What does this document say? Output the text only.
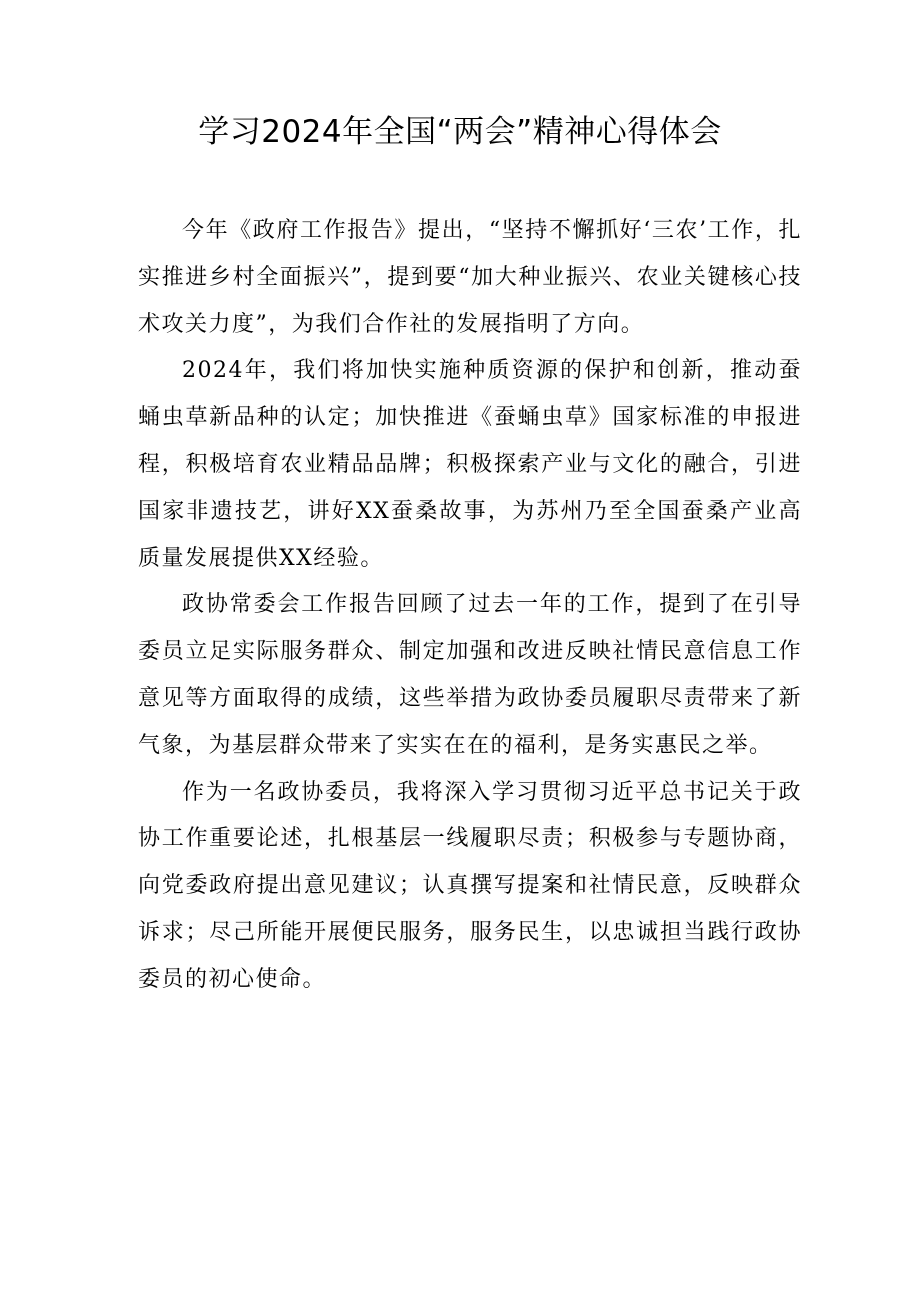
学习2024年全国“两会”精神心得体会

今年《政府工作报告》提出，“坚持不懈抓好‘三农’工作，扎实推进乡村全面振兴”，提到要“加大种业振兴、农业关键核心技术攻关力度”，为我们合作社的发展指明了方向。

2024年，我们将加快实施种质资源的保护和创新，推动蚕蛹虫草新品种的认定；加快推进《蚕蛹虫草》国家标准的申报进程，积极培育农业精品品牌；积极探索产业与文化的融合，引进国家非遗技艺，讲好XX蚕桑故事，为苏州乃至全国蚕桑产业高质量发展提供XX经验。

政协常委会工作报告回顾了过去一年的工作，提到了在引导委员立足实际服务群众、制定加强和改进反映社情民意信息工作意见等方面取得的成绩，这些举措为政协委员履职尽责带来了新气象，为基层群众带来了实实在在的福利，是务实惠民之举。

作为一名政协委员，我将深入学习贯彻习近平总书记关于政协工作重要论述，扎根基层一线履职尽责；积极参与专题协商，向党委政府提出意见建议；认真撰写提案和社情民意，反映群众诉求；尽己所能开展便民服务，服务民生，以忠诚担当践行政协委员的初心使命。
